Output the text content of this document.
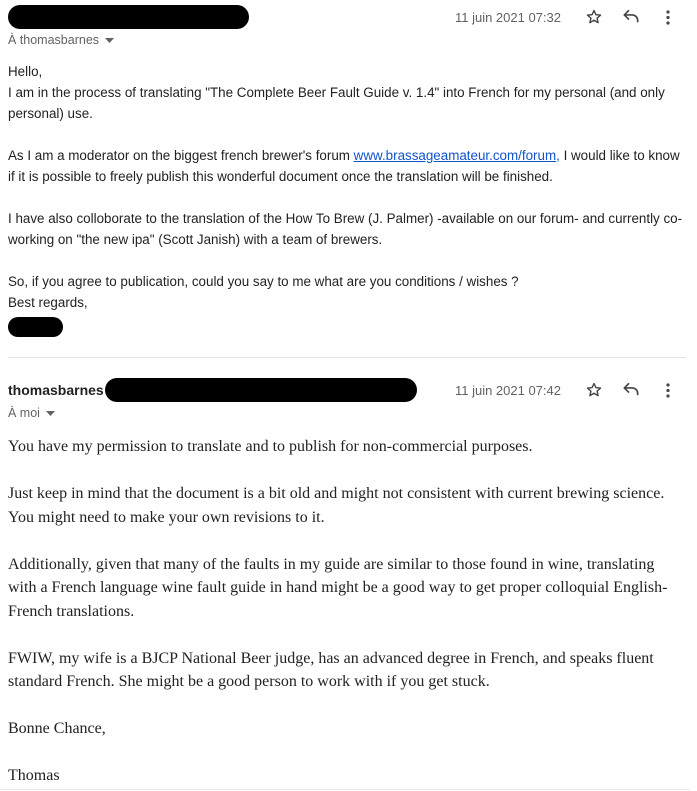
11 juin 2021 07:32
À thomasbarnes
Hello,
I am in the process of translating "The Complete Beer Fault Guide v. 1.4" into French for my personal (and only personal) use.
As I am a moderator on the biggest french brewer's forum www.brassageamateur.com/forum, I would like to know if it is possible to freely publish this wonderful document once the translation will be finished.
I have also colloborate to the translation of the How To Brew (J. Palmer) -available on our forum- and currently co-working on "the new ipa" (Scott Janish) with a team of brewers.
So, if you agree to publication, could you say to me what are you conditions / wishes ?
Best regards,
thomasbarnes	11 juin 2021 07:42
À moi
You have my permission to translate and to publish for non-commercial purposes.
Just keep in mind that the document is a bit old and might not consistent with current brewing science. You might need to make your own revisions to it.
Additionally, given that many of the faults in my guide are similar to those found in wine, translating with a French language wine fault guide in hand might be a good way to get proper colloquial English-French translations.
FWIW, my wife is a BJCP National Beer judge, has an advanced degree in French, and speaks fluent standard French. She might be a good person to work with if you get stuck.
Bonne Chance,
Thomas
